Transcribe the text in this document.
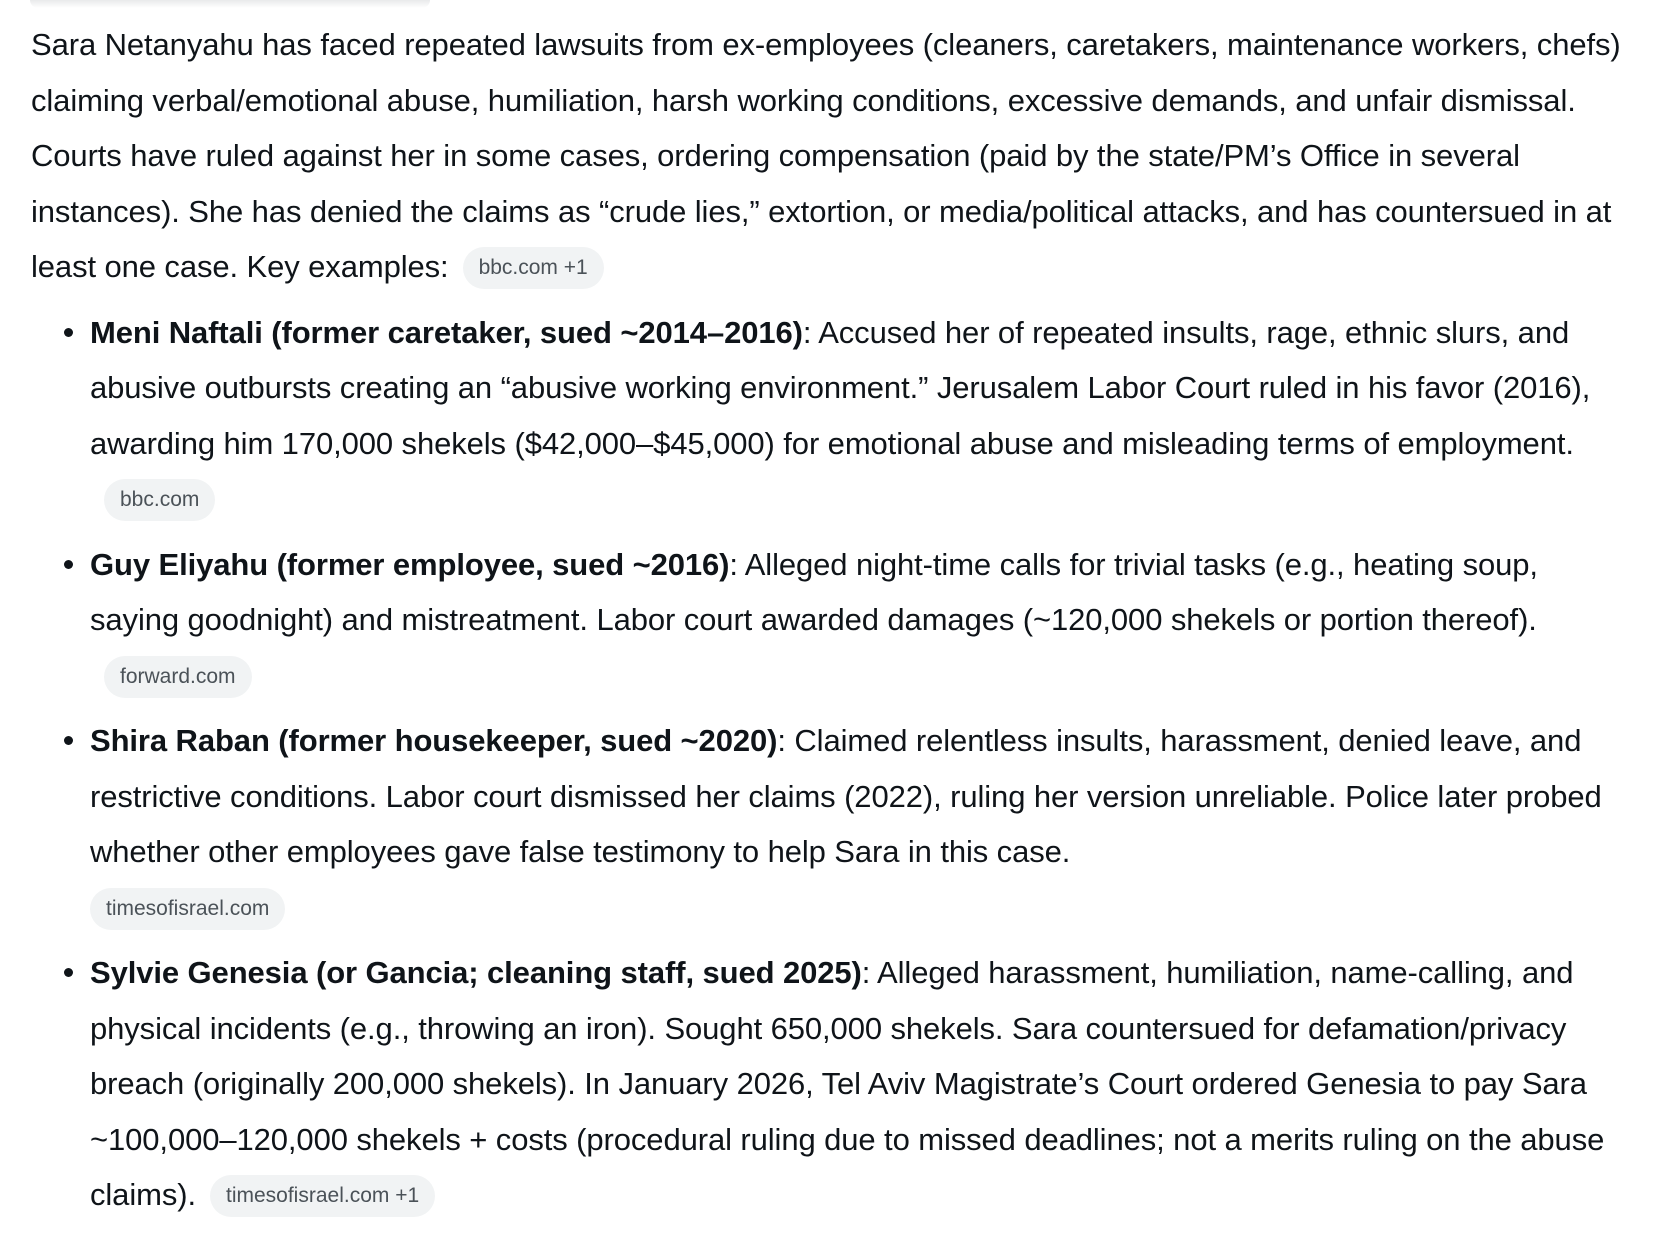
Sara Netanyahu has faced repeated lawsuits from ex-employees (cleaners, caretakers, maintenance workers, chefs) claiming verbal/emotional abuse, humiliation, harsh working conditions, excessive demands, and unfair dismissal. Courts have ruled against her in some cases, ordering compensation (paid by the state/PM’s Office in several instances). She has denied the claims as “crude lies,” extortion, or media/political attacks, and has countersued in at least one case. Key examples: bbc.com +1

Meni Naftali (former caretaker, sued ~2014–2016): Accused her of repeated insults, rage, ethnic slurs, and abusive outbursts creating an “abusive working environment.” Jerusalem Labor Court ruled in his favor (2016), awarding him 170,000 shekels ($42,000–$45,000) for emotional abuse and misleading terms of employment.bbc.com
Guy Eliyahu (former employee, sued ~2016): Alleged night-time calls for trivial tasks (e.g., heating soup, saying goodnight) and mistreatment. Labor court awarded damages (~120,000 shekels or portion thereof).forward.com
Shira Raban (former housekeeper, sued ~2020): Claimed relentless insults, harassment, denied leave, and restrictive conditions. Labor court dismissed her claims (2022), ruling her version unreliable. Police later probed whether other employees gave false testimony to help Sara in this case.
timesofisrael.com
Sylvie Genesia (or Gancia; cleaning staff, sued 2025): Alleged harassment, humiliation, name-calling, and physical incidents (e.g., throwing an iron). Sought 650,000 shekels. Sara countersued for defamation/privacy breach (originally 200,000 shekels). In January 2026, Tel Aviv Magistrate’s Court ordered Genesia to pay Sara ~100,000–120,000 shekels + costs (procedural ruling due to missed deadlines; not a merits ruling on the abuse claims). timesofisrael.com +1
